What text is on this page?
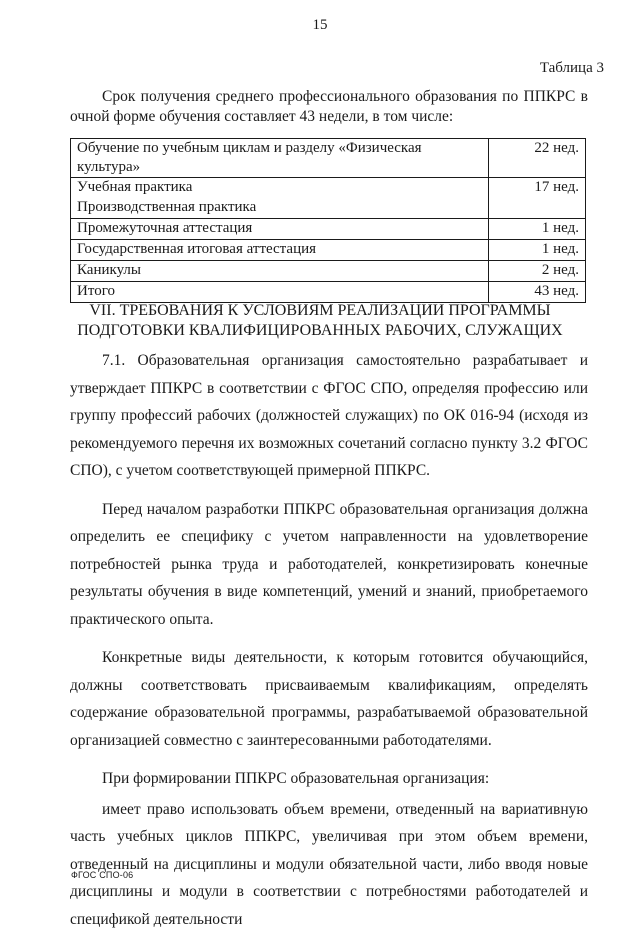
15
Таблица 3
Срок получения среднего профессионального образования по ППКРС в очной форме обучения составляет 43 недели, в том числе:
Обучение по учебным циклам и разделу «Физическая культура»	22 нед.
Учебная практика	17 нед.
Производственная практика	
Промежуточная аттестация	1 нед.
Государственная итоговая аттестация	1 нед.
Каникулы	2 нед.
Итого	43 нед.
VII. ТРЕБОВАНИЯ К УСЛОВИЯМ РЕАЛИЗАЦИИ ПРОГРАММЫ
ПОДГОТОВКИ КВАЛИФИЦИРОВАННЫХ РАБОЧИХ, СЛУЖАЩИХ

7.1. Образовательная организация самостоятельно разрабатывает и утверждает ППКРС в соответствии с ФГОС СПО, определяя профессию или группу профессий рабочих (должностей служащих) по ОК 016-94 (исходя из рекомендуемого перечня их возможных сочетаний согласно пункту 3.2 ФГОС СПО), с учетом соответствующей примерной ППКРС.

Перед началом разработки ППКРС образовательная организация должна определить ее специфику с учетом направленности на удовлетворение потребностей рынка труда и работодателей, конкретизировать конечные результаты обучения в виде компетенций, умений и знаний, приобретаемого практического опыта.

Конкретные виды деятельности, к которым готовится обучающийся, должны соответствовать присваиваемым квалификациям, определять содержание образовательной программы, разрабатываемой образовательной организацией совместно с заинтересованными работодателями.

При формировании ППКРС образовательная организация:

имеет право использовать объем времени, отведенный на вариативную часть учебных циклов ППКРС, увеличивая при этом объем времени, отведенный на дисциплины и модули обязательной части, либо вводя новые дисциплины и модули в соответствии с потребностями работодателей и спецификой деятельности

ФГОС СПО-06
